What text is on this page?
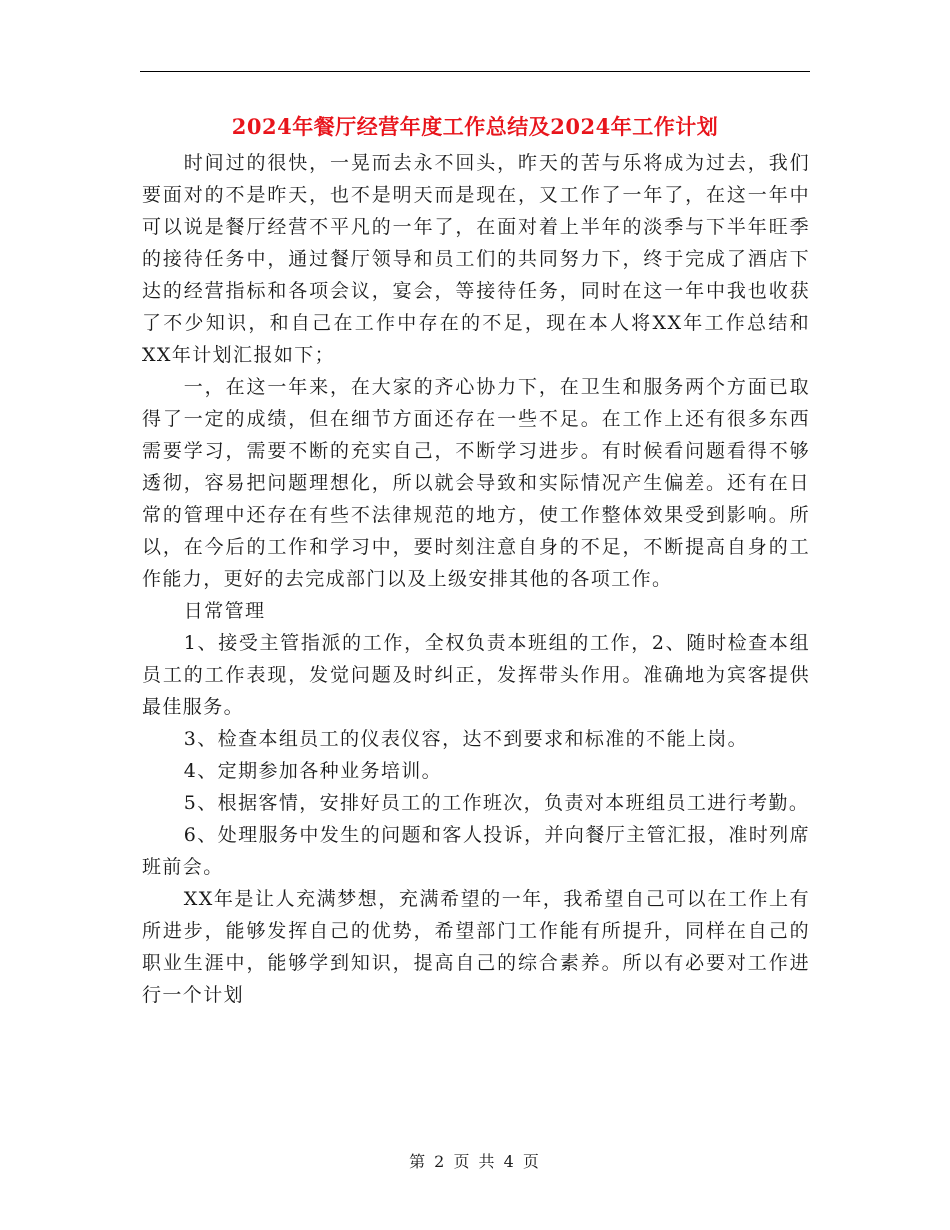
2024年餐厅经营年度工作总结及2024年工作计划

时间过的很快，一晃而去永不回头，昨天的苦与乐将成为过去，我们要面对的不是昨天，也不是明天而是现在，又工作了一年了，在这一年中可以说是餐厅经营不平凡的一年了，在面对着上半年的淡季与下半年旺季的接待任务中，通过餐厅领导和员工们的共同努力下，终于完成了酒店下达的经营指标和各项会议，宴会，等接待任务，同时在这一年中我也收获了不少知识，和自己在工作中存在的不足，现在本人将XX年工作总结和XX年计划汇报如下；

一，在这一年来，在大家的齐心协力下，在卫生和服务两个方面已取得了一定的成绩，但在细节方面还存在一些不足。在工作上还有很多东西需要学习，需要不断的充实自己，不断学习进步。有时候看问题看得不够透彻，容易把问题理想化，所以就会导致和实际情况产生偏差。还有在日常的管理中还存在有些不法律规范的地方，使工作整体效果受到影响。所以，在今后的工作和学习中，要时刻注意自身的不足，不断提高自身的工作能力，更好的去完成部门以及上级安排其他的各项工作。

日常管理

1、接受主管指派的工作，全权负责本班组的工作，2、随时检查本组员工的工作表现，发觉问题及时纠正，发挥带头作用。准确地为宾客提供最佳服务。

3、检查本组员工的仪表仪容，达不到要求和标准的不能上岗。

4、定期参加各种业务培训。

5、根据客情，安排好员工的工作班次，负责对本班组员工进行考勤。

6、处理服务中发生的问题和客人投诉，并向餐厅主管汇报，准时列席班前会。

XX年是让人充满梦想，充满希望的一年，我希望自己可以在工作上有所进步，能够发挥自己的优势，希望部门工作能有所提升，同样在自己的职业生涯中，能够学到知识，提高自己的综合素养。所以有必要对工作进行一个计划

第 2 页 共 4 页
